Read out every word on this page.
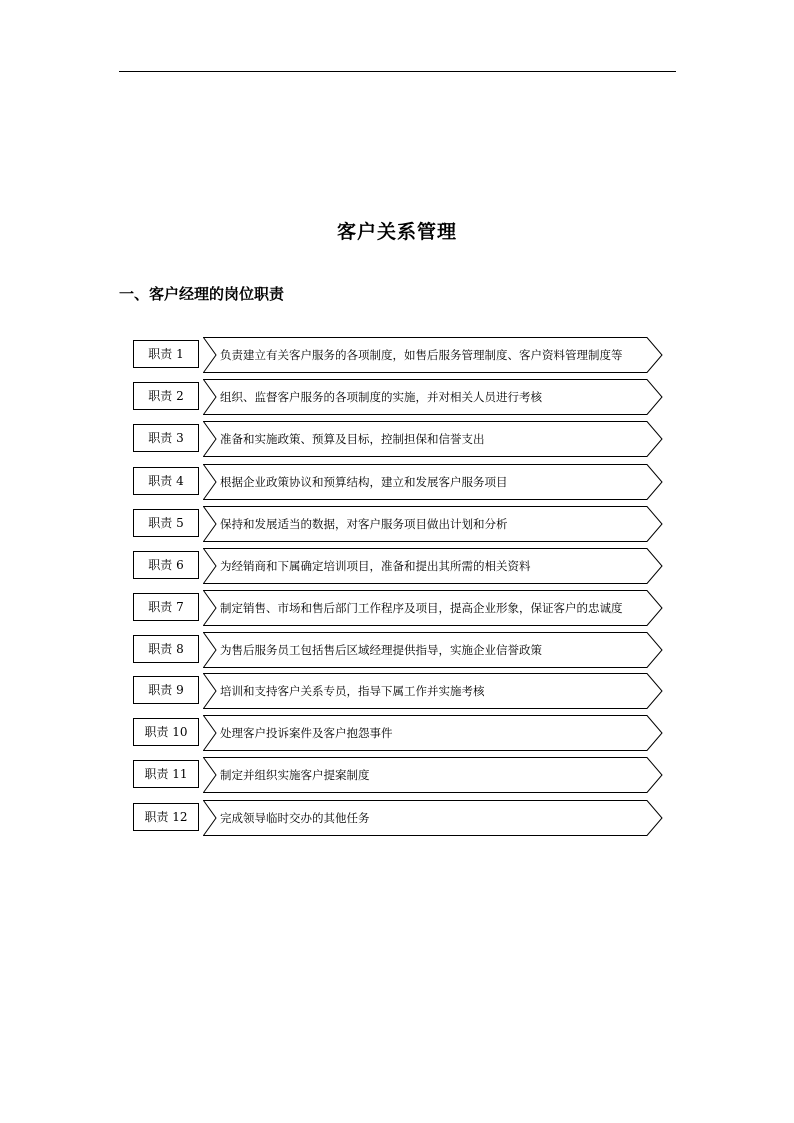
客户关系管理
一、客户经理的岗位职责
职责 1	负责建立有关客户服务的各项制度，如售后服务管理制度、客户资料管理制度等
职责 2	组织、监督客户服务的各项制度的实施，并对相关人员进行考核
职责 3	准备和实施政策、预算及目标，控制担保和信誉支出
职责 4	根据企业政策协议和预算结构，建立和发展客户服务项目
职责 5	保持和发展适当的数据，对客户服务项目做出计划和分析
职责 6	为经销商和下属确定培训项目，准备和提出其所需的相关资料
职责 7	制定销售、市场和售后部门工作程序及项目，提高企业形象，保证客户的忠诚度
职责 8	为售后服务员工包括售后区域经理提供指导，实施企业信誉政策
职责 9	培训和支持客户关系专员，指导下属工作并实施考核
职责 10	处理客户投诉案件及客户抱怨事件
职责 11	制定并组织实施客户提案制度
职责 12	完成领导临时交办的其他任务
